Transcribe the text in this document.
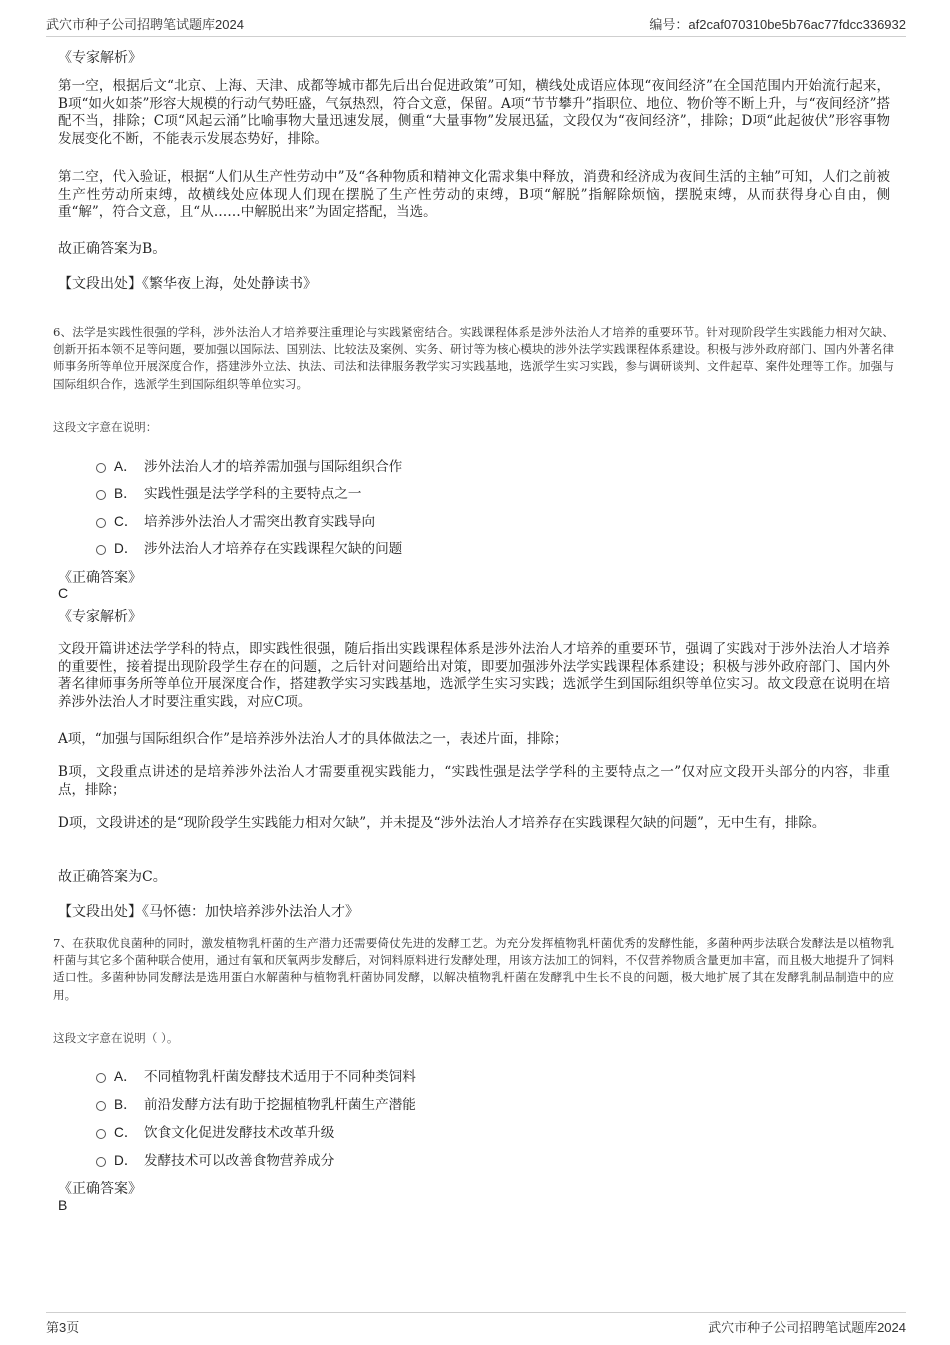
武穴市种子公司招聘笔试题库2024	编号：af2caf070310be5b76ac77fdcc336932
《专家解析》
第一空，根据后文“北京、上海、天津、成都等城市都先后出台促进政策”可知，横线处成语应体现“夜间经济”在全国范围内开始流行起来，B项“如火如荼”形容大规模的行动气势旺盛，气氛热烈，符合文意，保留。A项“节节攀升”指职位、地位、物价等不断上升，与“夜间经济”搭配不当，排除；C项“风起云涌”比喻事物大量迅速发展，侧重“大量事物”发展迅猛，文段仅为“夜间经济”，排除；D项“此起彼伏”形容事物发展变化不断，不能表示发展态势好，排除。
第二空，代入验证，根据“人们从生产性劳动中”及“各种物质和精神文化需求集中释放，消费和经济成为夜间生活的主轴”可知，人们之前被生产性劳动所束缚，故横线处应体现人们现在摆脱了生产性劳动的束缚，B项“解脱”指解除烦恼，摆脱束缚，从而获得身心自由，侧重“解”，符合文意，且“从……中解脱出来”为固定搭配，当选。
故正确答案为B。
【文段出处】《繁华夜上海，处处静读书》
6、法学是实践性很强的学科，涉外法治人才培养要注重理论与实践紧密结合。实践课程体系是涉外法治人才培养的重要环节。针对现阶段学生实践能力相对欠缺、创新开拓本领不足等问题，要加强以国际法、国别法、比较法及案例、实务、研讨等为核心模块的涉外法学实践课程体系建设。积极与涉外政府部门、国内外著名律师事务所等单位开展深度合作，搭建涉外立法、执法、司法和法律服务教学实习实践基地，选派学生实习实践，参与调研谈判、文件起草、案件处理等工作。加强与国际组织合作，选派学生到国际组织等单位实习。
这段文字意在说明：
A． 涉外法治人才的培养需加强与国际组织合作
B． 实践性强是法学学科的主要特点之一
C． 培养涉外法治人才需突出教育实践导向
D． 涉外法治人才培养存在实践课程欠缺的问题
《正确答案》
C
《专家解析》
文段开篇讲述法学学科的特点，即实践性很强，随后指出实践课程体系是涉外法治人才培养的重要环节，强调了实践对于涉外法治人才培养的重要性，接着提出现阶段学生存在的问题，之后针对问题给出对策，即要加强涉外法学实践课程体系建设；积极与涉外政府部门、国内外著名律师事务所等单位开展深度合作，搭建教学实习实践基地，选派学生实习实践；选派学生到国际组织等单位实习。故文段意在说明在培养涉外法治人才时要注重实践，对应C项。
A项，“加强与国际组织合作”是培养涉外法治人才的具体做法之一，表述片面，排除；
B项，文段重点讲述的是培养涉外法治人才需要重视实践能力，“实践性强是法学学科的主要特点之一”仅对应文段开头部分的内容，非重点，排除；
D项，文段讲述的是“现阶段学生实践能力相对欠缺”，并未提及“涉外法治人才培养存在实践课程欠缺的问题”，无中生有，排除。
故正确答案为C。
【文段出处】《马怀德：加快培养涉外法治人才》
7、在获取优良菌种的同时，激发植物乳杆菌的生产潜力还需要倚仗先进的发酵工艺。为充分发挥植物乳杆菌优秀的发酵性能，多菌种两步法联合发酵法是以植物乳杆菌与其它多个菌种联合使用，通过有氧和厌氧两步发酵后，对饲料原料进行发酵处理，用该方法加工的饲料，不仅营养物质含量更加丰富，而且极大地提升了饲料适口性。多菌种协同发酵法是选用蛋白水解菌种与植物乳杆菌协同发酵，以解决植物乳杆菌在发酵乳中生长不良的问题，极大地扩展了其在发酵乳制品制造中的应用。
这段文字意在说明（ ）。
A． 不同植物乳杆菌发酵技术适用于不同种类饲料
B． 前沿发酵方法有助于挖掘植物乳杆菌生产潜能
C． 饮食文化促进发酵技术改革升级
D． 发酵技术可以改善食物营养成分
《正确答案》
B
第3页	武穴市种子公司招聘笔试题库2024
